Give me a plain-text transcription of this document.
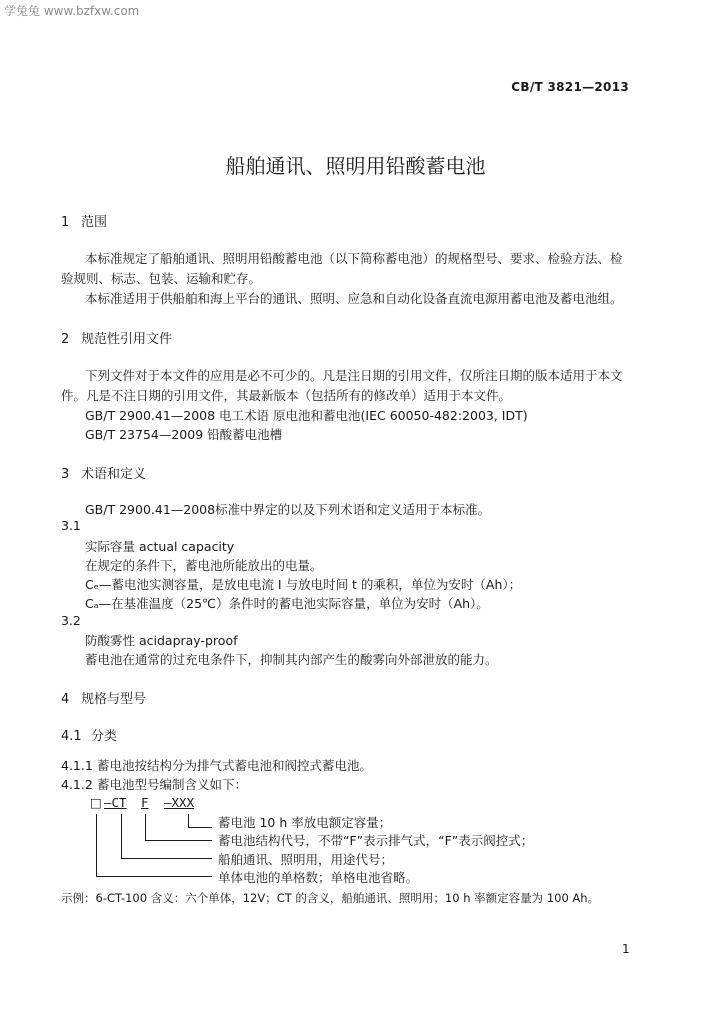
学兔兔 www.bzfxw.com
CB/T 3821—2013
船舶通讯、照明用铅酸蓄电池
1 范围
本标准规定了船舶通讯、照明用铅酸蓄电池（以下简称蓄电池）的规格型号、要求、检验方法、检
验规则、标志、包装、运输和贮存。
本标准适用于供船舶和海上平台的通讯、照明、应急和自动化设备直流电源用蓄电池及蓄电池组。
2 规范性引用文件
下列文件对于本文件的应用是必不可少的。凡是注日期的引用文件，仅所注日期的版本适用于本文
件。凡是不注日期的引用文件，其最新版本（包括所有的修改单）适用于本文件。
GB/T 2900.41—2008 电工术语 原电池和蓄电池(IEC 60050-482:2003, IDT)
GB/T 23754—2009 铅酸蓄电池槽
3 术语和定义
GB/T 2900.41—2008标准中界定的以及下列术语和定义适用于本标准。
3.1
实际容量 actual capacity
在规定的条件下，蓄电池所能放出的电量。
Cₑ—蓄电池实测容量，是放电电流 I 与放电时间 t 的乘积，单位为安时（Ah）；
Cₐ—在基准温度（25℃）条件时的蓄电池实际容量，单位为安时（Ah）。
3.2
防酸雾性 acidapray-proof
蓄电池在通常的过充电条件下，抑制其内部产生的酸雾向外部泄放的能力。
4 规格与型号
4.1 分类
4.1.1 蓄电池按结构分为排气式蓄电池和阀控式蓄电池。
4.1.2 蓄电池型号编制含义如下：
□ —CT F —XXX
蓄电池 10 h 率放电额定容量；
蓄电池结构代号，不带“F”表示排气式，“F”表示阀控式；
船舶通讯、照明用，用途代号；
单体电池的单格数；单格电池省略。
示例：6-CT-100 含义：六个单体，12V；CT 的含义，船舶通讯、照明用；10 h 率额定容量为 100 Ah。
1
